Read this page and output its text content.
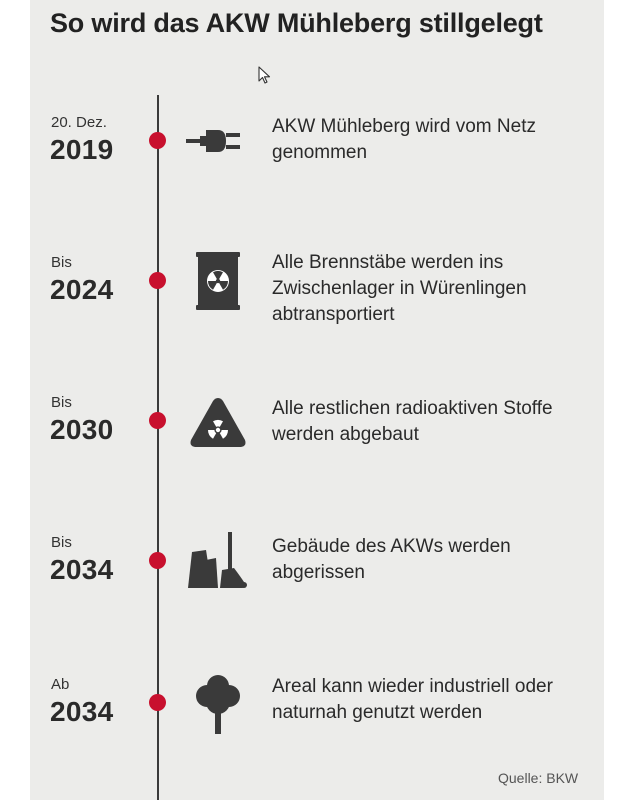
So wird das AKW Mühleberg stillgelegt
20. Dez.
2019
AKW Mühleberg wird vom Netz genommen
Bis
2024
Alle Brennstäbe werden ins Zwischenlager in Würenlingen abtransportiert
Bis
2030
Alle restlichen radioaktiven Stoffe werden abgebaut
Bis
2034
Gebäude des AKWs werden abgerissen
Ab
2034
Areal kann wieder industriell oder naturnah genutzt werden
Quelle: BKW
